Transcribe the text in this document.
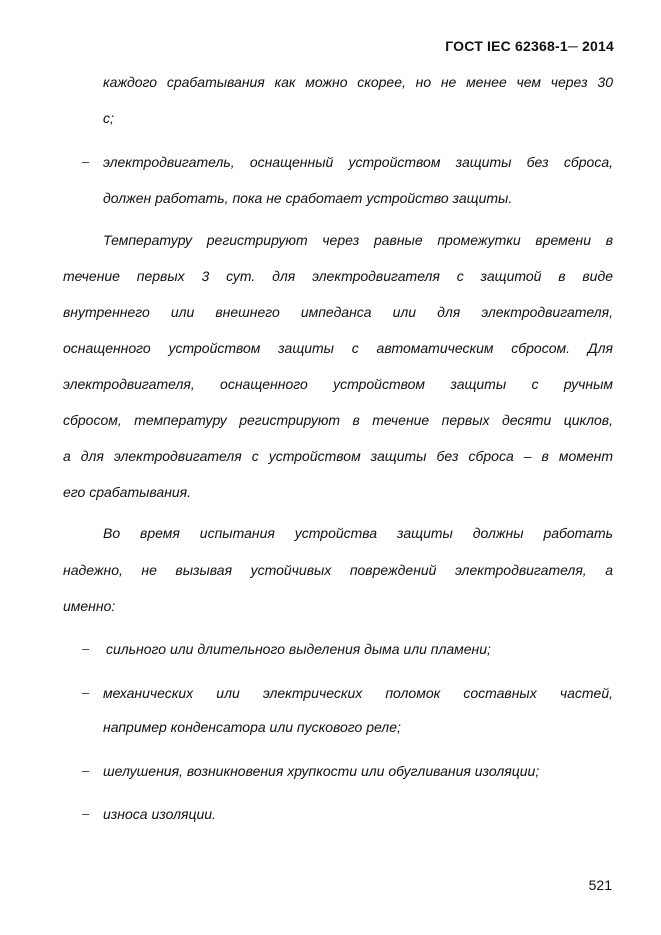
ГОСТ IEC 62368-1─ 2014
каждого срабатывания как можно скорее, но не менее чем через 30
с;
– электродвигатель, оснащенный устройством защиты без сброса,
должен работать, пока не сработает устройство защиты.
Температуру регистрируют через равные промежутки времени в
течение первых 3 сут. для электродвигателя с защитой в виде
внутреннего или внешнего импеданса или для электродвигателя,
оснащенного устройством защиты с автоматическим сбросом. Для
электродвигателя, оснащенного устройством защиты с ручным
сбросом, температуру регистрируют в течение первых десяти циклов,
а для электродвигателя с устройством защиты без сброса – в момент
его срабатывания.
Во время испытания устройства защиты должны работать
надежно, не вызывая устойчивых повреждений электродвигателя, а
именно:
– сильного или длительного выделения дыма или пламени;
– механических или электрических поломок составных частей,
например конденсатора или пускового реле;
– шелушения, возникновения хрупкости или обугливания изоляции;
– износа изоляции.
521
